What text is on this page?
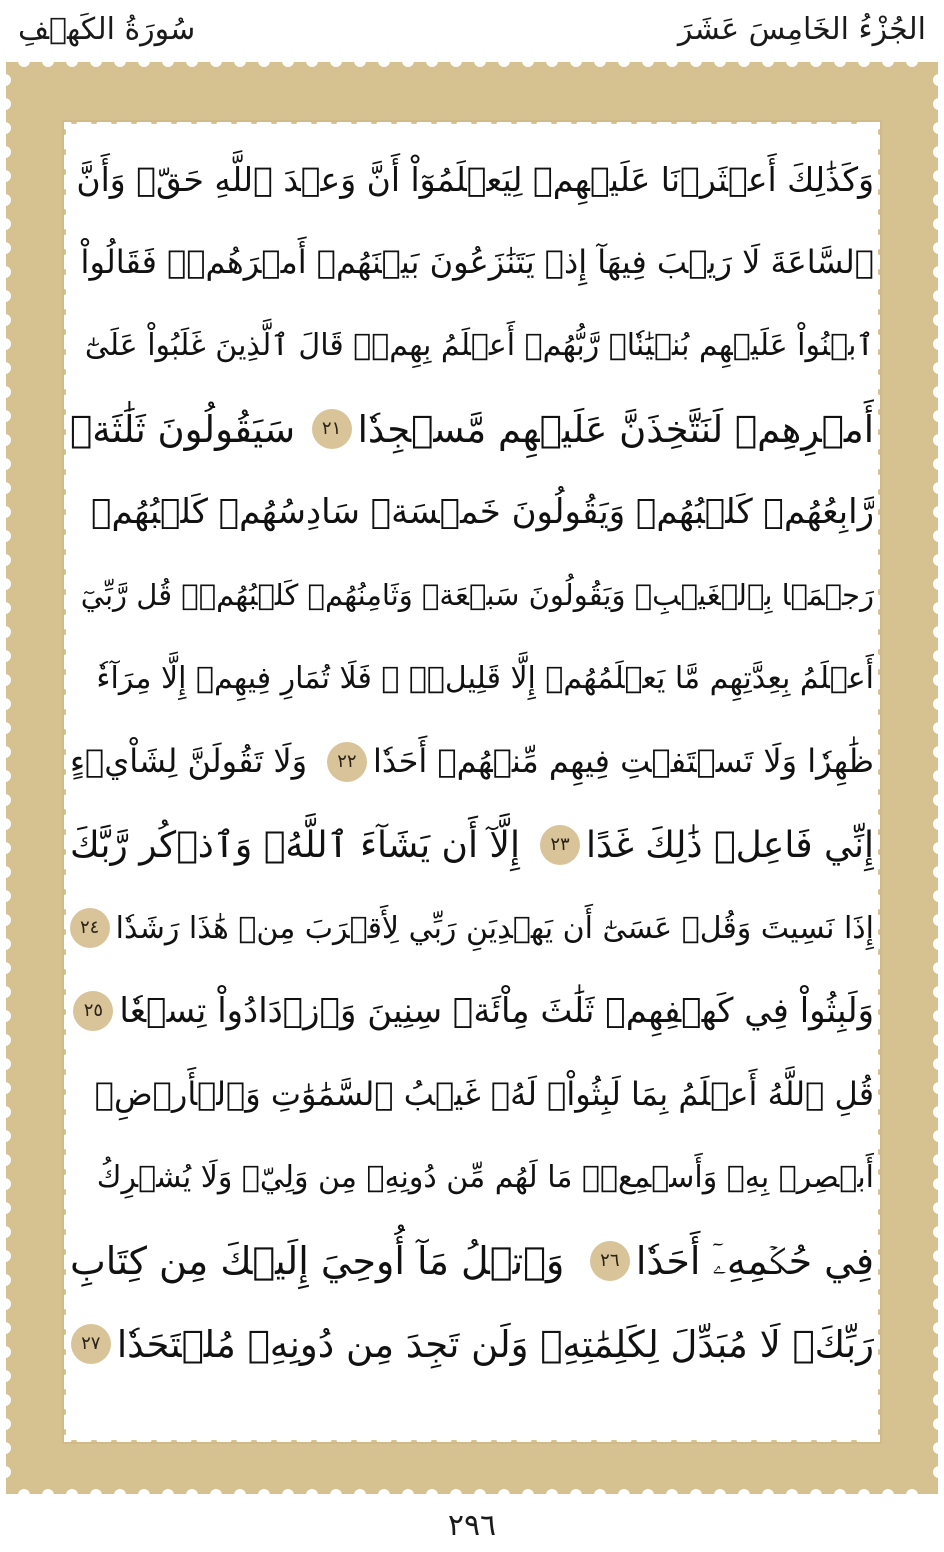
الجُزْءُ الخَامِسَ عَشَرَ
سُورَةُ الكَهۡفِ
وَكَذَٰلِكَ أَعۡثَرۡنَا عَلَيۡهِمۡ لِيَعۡلَمُوٓاْ أَنَّ وَعۡدَ ٱللَّهِ حَقّٞ وَأَنَّ
ٱلسَّاعَةَ لَا رَيۡبَ فِيهَآ إِذۡ يَتَنَٰزَعُونَ بَيۡنَهُمۡ أَمۡرَهُمۡۖ فَقَالُواْ
ٱبۡنُواْ عَلَيۡهِم بُنۡيَٰنٗاۖ رَّبُّهُمۡ أَعۡلَمُ بِهِمۡۚ قَالَ ٱلَّذِينَ غَلَبُواْ عَلَىٰٓ
أَمۡرِهِمۡ لَنَتَّخِذَنَّ عَلَيۡهِم مَّسۡجِدٗا
٢١
سَيَقُولُونَ ثَلَٰثَةٞ
رَّابِعُهُمۡ كَلۡبُهُمۡ وَيَقُولُونَ خَمۡسَةٞ سَادِسُهُمۡ كَلۡبُهُمۡ
رَجۡمَۢا بِٱلۡغَيۡبِۖ وَيَقُولُونَ سَبۡعَةٞ وَثَامِنُهُمۡ كَلۡبُهُمۡۚ قُل رَّبِّيٓ
أَعۡلَمُ بِعِدَّتِهِم مَّا يَعۡلَمُهُمۡ إِلَّا قَلِيلٞۗ ۞ فَلَا تُمَارِ فِيهِمۡ إِلَّا مِرَآءٗ
ظَٰهِرٗا وَلَا تَسۡتَفۡتِ فِيهِم مِّنۡهُمۡ أَحَدٗا
٢٢
وَلَا تَقُولَنَّ لِشَاْيۡءٍ
إِنِّي فَاعِلٞ ذَٰلِكَ غَدًا
٢٣
إِلَّآ أَن يَشَآءَ ٱللَّهُۚ وَٱذۡكُر رَّبَّكَ
إِذَا نَسِيتَ وَقُلۡ عَسَىٰٓ أَن يَهۡدِيَنِ رَبِّي لِأَقۡرَبَ مِنۡ هَٰذَا رَشَدٗا
٢٤
وَلَبِثُواْ فِي كَهۡفِهِمۡ ثَلَٰثَ مِاْئَةٖ سِنِينَ وَٱزۡدَادُواْ تِسۡعٗا
٢٥
قُلِ ٱللَّهُ أَعۡلَمُ بِمَا لَبِثُواْۖ لَهُۥ غَيۡبُ ٱلسَّمَٰوَٰتِ وَٱلۡأَرۡضِۖ
أَبۡصِرۡ بِهِۦ وَأَسۡمِعۡۚ مَا لَهُم مِّن دُونِهِۦ مِن وَلِيّٖ وَلَا يُشۡرِكُ
فِي حُكۡمِهِۦٓ أَحَدٗا
٢٦
وَٱتۡلُ مَآ أُوحِيَ إِلَيۡكَ مِن كِتَابِ
رَبِّكَۖ لَا مُبَدِّلَ لِكَلِمَٰتِهِۦ وَلَن تَجِدَ مِن دُونِهِۦ مُلۡتَحَدٗا
٢٧
٢٩٦
